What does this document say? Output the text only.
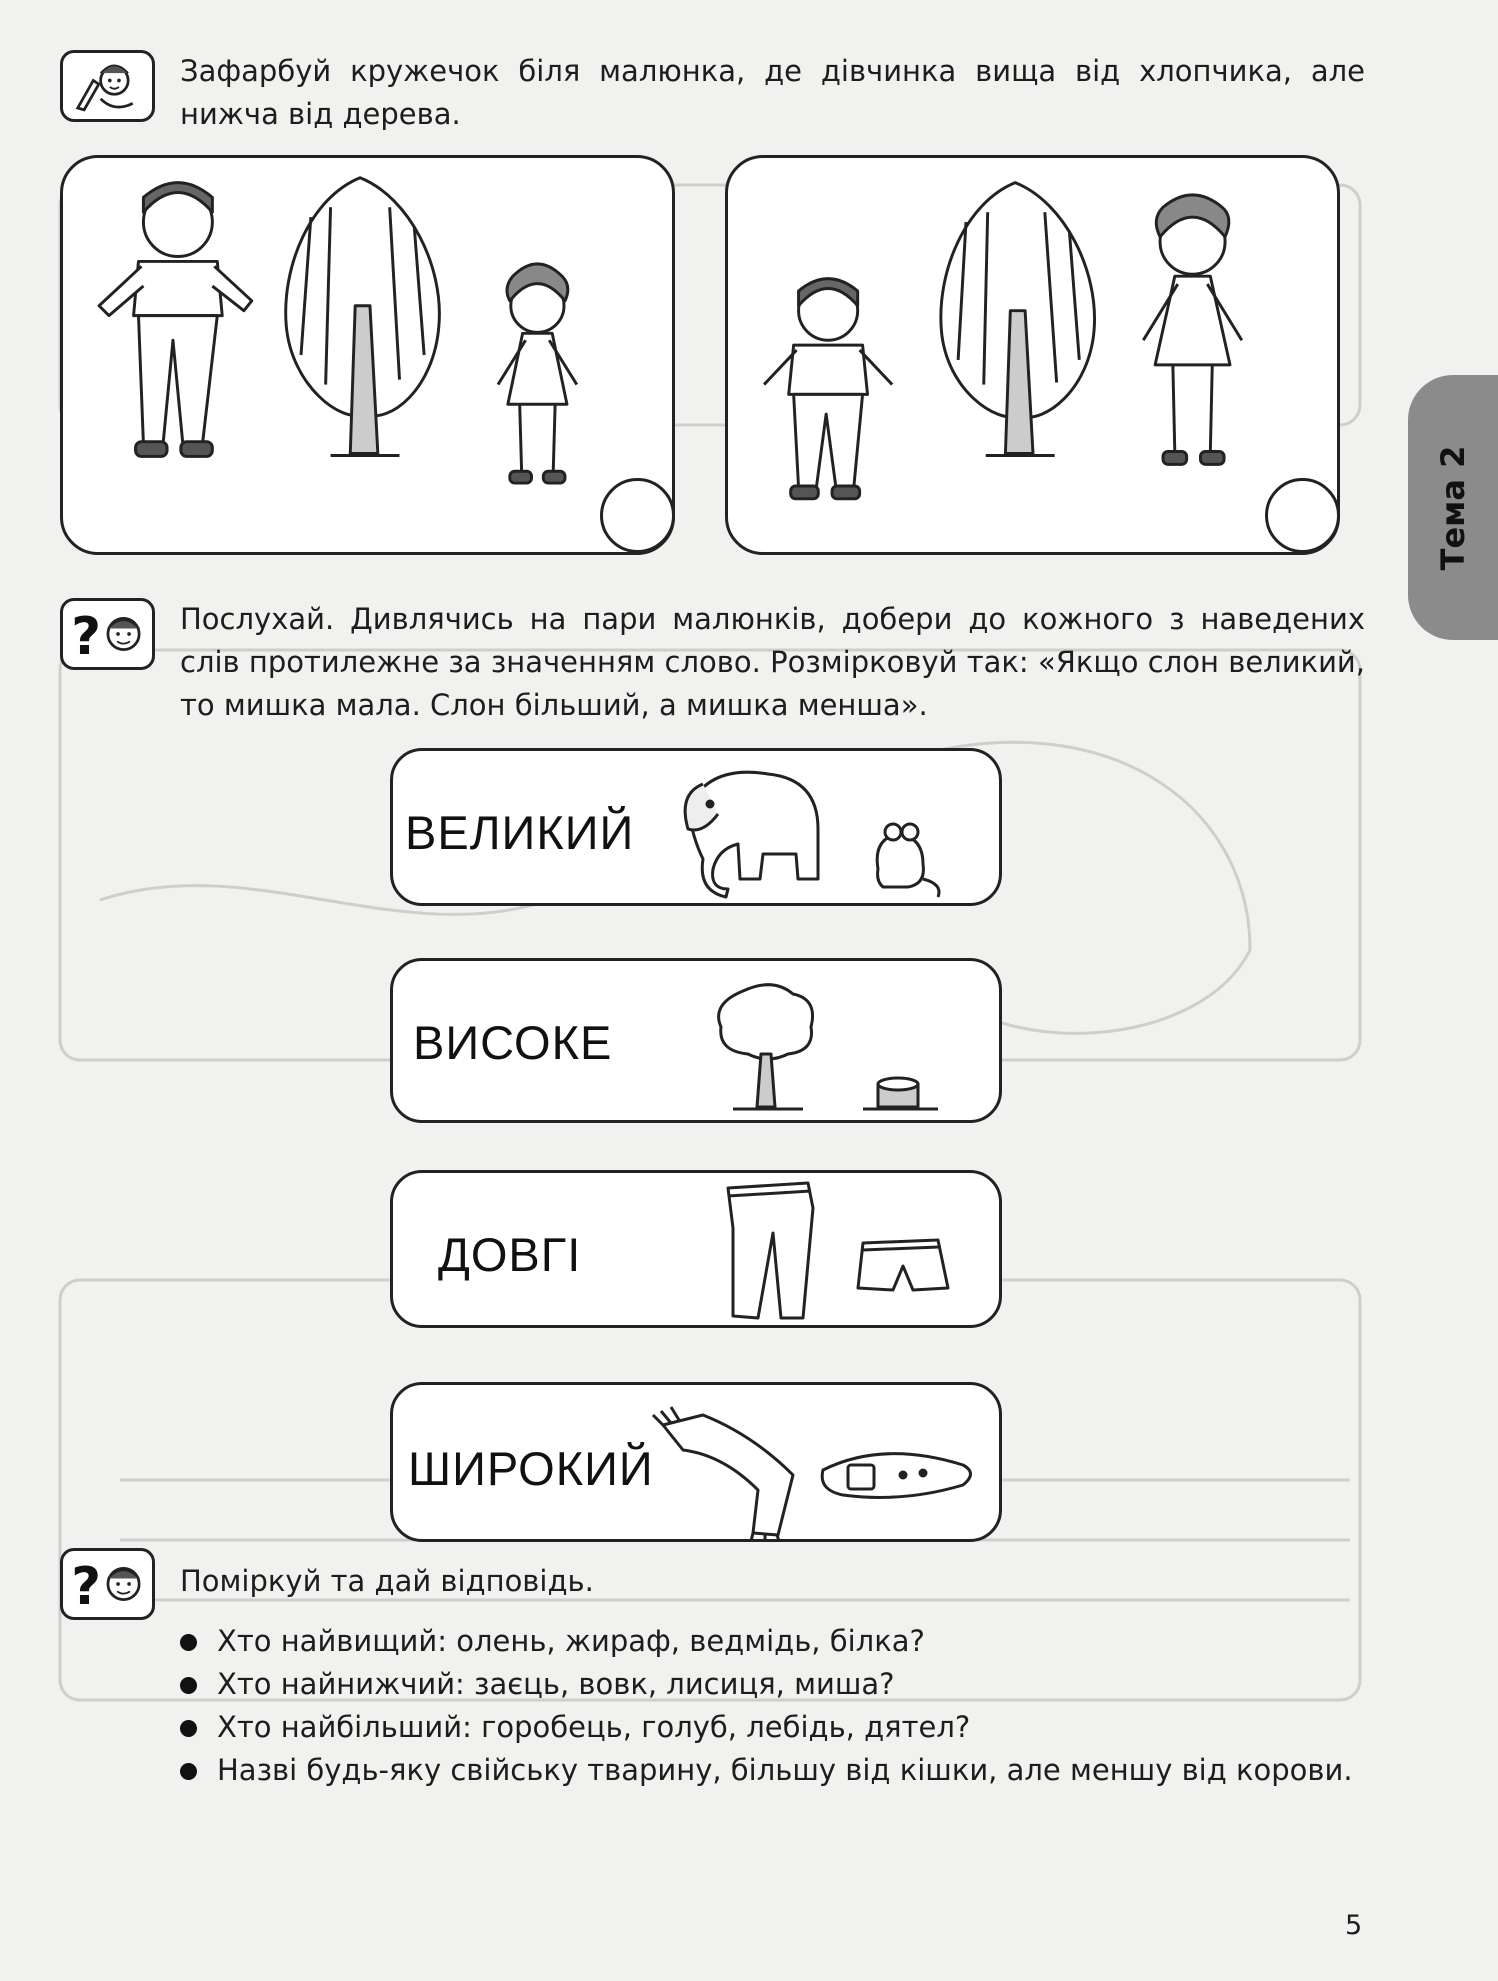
Зафарбуй кружечок біля малюнка, де дівчинка вища від хлопчика, але нижча від дерева.
Тема 2
?	Послухай. Дивлячись на пари малюнків, добери до кожного з наведених слів протилежне за значенням слово. Розмірковуй так: «Якщо слон великий, то мишка мала. Слон більший, а мишка менша».
ВЕЛИКИЙ
ВИСОКЕ
ДОВГІ
ШИРОКИЙ
?	Поміркуй та дай відповідь.
Хто найвищий: олень, жираф, ведмідь, білка?
Хто найнижчий: заєць, вовк, лисиця, миша?
Хто найбільший: горобець, голуб, лебідь, дятел?
Назві будь-яку свійську тварину, більшу від кішки, але меншу від корови.
5
